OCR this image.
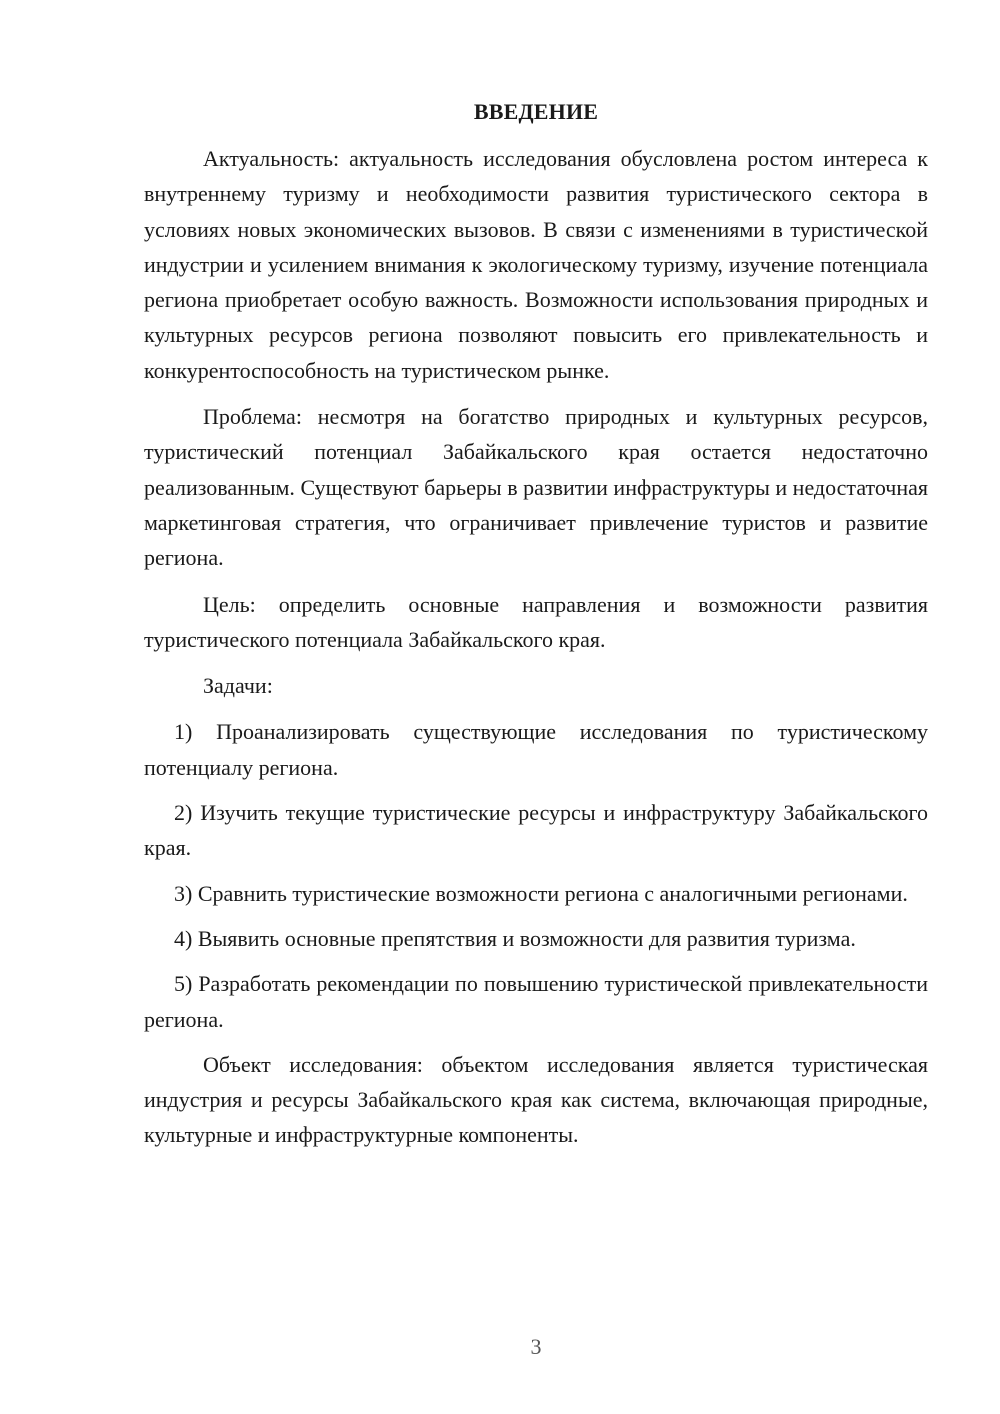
ВВЕДЕНИЕ

Актуальность: актуальность исследования обусловлена ростом интереса к внутреннему туризму и необходимости развития туристического сектора в условиях новых экономических вызовов. В связи с изменениями в туристической индустрии и усилением внимания к экологическому туризму, изучение потенциала региона приобретает особую важность. Возможности использования природных и культурных ресурсов региона позволяют повысить его привлекательность и конкурентоспособность на туристическом рынке.

Проблема: несмотря на богатство природных и культурных ресурсов, туристический потенциал Забайкальского края остается недостаточно реализованным. Существуют барьеры в развитии инфраструктуры и недостаточная маркетинговая стратегия, что ограничивает привлечение туристов и развитие региона.

Цель: определить основные направления и возможности развития туристического потенциала Забайкальского края.

Задачи:

1) Проанализировать существующие исследования по туристическому потенциалу региона.

2) Изучить текущие туристические ресурсы и инфраструктуру Забайкальского края.

3) Сравнить туристические возможности региона с аналогичными регионами.

4) Выявить основные препятствия и возможности для развития туризма.

5) Разработать рекомендации по повышению туристической привлекательности региона.

Объект исследования: объектом исследования является туристическая индустрия и ресурсы Забайкальского края как система, включающая природные, культурные и инфраструктурные компоненты.

3
